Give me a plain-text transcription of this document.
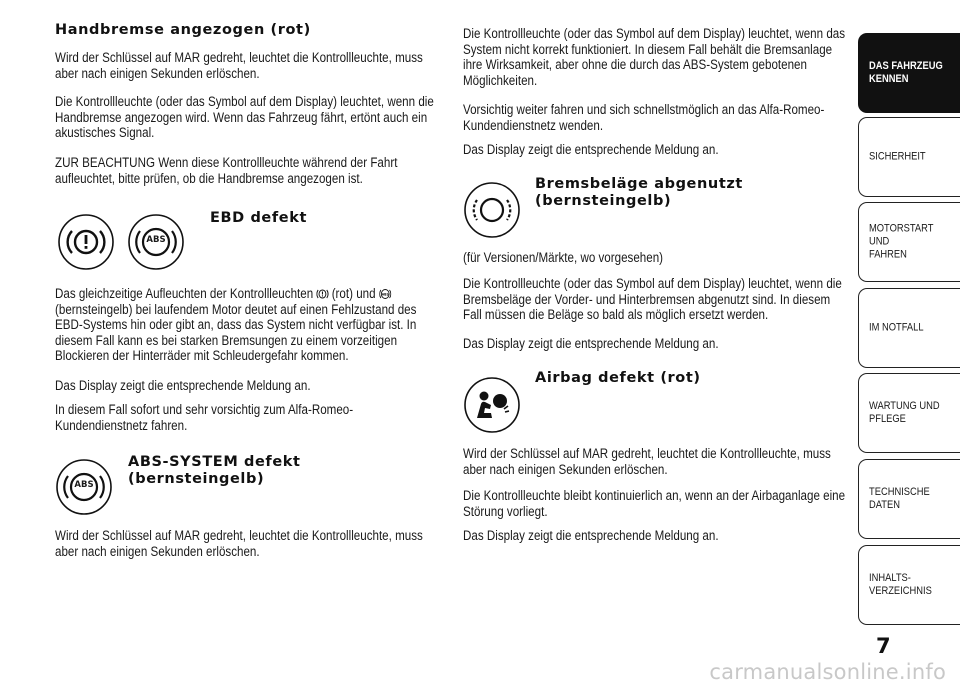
Handbremse angezogen (rot)

Wird der Schlüssel auf MAR gedreht, leuchtet die Kontrollleuchte, muss aber nach einigen Sekunden erlöschen.

Die Kontrollleuchte (oder das Symbol auf dem Display) leuchtet, wenn die Handbremse angezogen wird. Wenn das Fahrzeug fährt, ertönt auch ein akustisches Signal.

ZUR BEACHTUNG Wenn diese Kontrollleuchte während der Fahrt aufleuchtet, bitte prüfen, ob die Handbremse angezogen ist.

EBD defekt
ABS

Das gleichzeitige Aufleuchten der Kontrollleuchten (rot) und ABS
(bernsteingelb) bei laufendem Motor deutet auf einen Fehlzustand des EBD-Systems hin oder gibt an, dass das System nicht verfügbar ist. In diesem Fall kann es bei starken Bremsungen zu einem vorzeitigen Blockieren der Hinterräder mit Schleudergefahr kommen.

Das Display zeigt die entsprechende Meldung an.

In diesem Fall sofort und sehr vorsichtig zum Alfa-Romeo-Kundendienstnetz fahren.

ABS-SYSTEM defekt
(bernsteingelb)
ABS

Wird der Schlüssel auf MAR gedreht, leuchtet die Kontrollleuchte, muss aber nach einigen Sekunden erlöschen.

Die Kontrollleuchte (oder das Symbol auf dem Display) leuchtet, wenn das System nicht korrekt funktioniert. In diesem Fall behält die Bremsanlage ihre Wirksamkeit, aber ohne die durch das ABS-System gebotenen Möglichkeiten.

Vorsichtig weiter fahren und sich schnellstmöglich an das Alfa-Romeo-Kundendienstnetz wenden.

Das Display zeigt die entsprechende Meldung an.

Bremsbeläge abgenutzt
(bernsteingelb)

(für Versionen/Märkte, wo vorgesehen)

Die Kontrollleuchte (oder das Symbol auf dem Display) leuchtet, wenn die Bremsbeläge der Vorder- und Hinterbremsen abgenutzt sind. In diesem Fall müssen die Beläge so bald als möglich ersetzt werden.

Das Display zeigt die entsprechende Meldung an.

Airbag defekt (rot)

Wird der Schlüssel auf MAR gedreht, leuchtet die Kontrollleuchte, muss aber nach einigen Sekunden erlöschen.

Die Kontrollleuchte bleibt kontinuierlich an, wenn an der Airbaganlage eine Störung vorliegt.

Das Display zeigt die entsprechende Meldung an.

DAS FAHRZEUG
KENNEN
SICHERHEIT
MOTORSTART UND
FAHREN
IM NOTFALL
WARTUNG UND
PFLEGE
TECHNISCHE DATEN
INHALTS-
VERZEICHNIS
7
carmanualsonline.info
